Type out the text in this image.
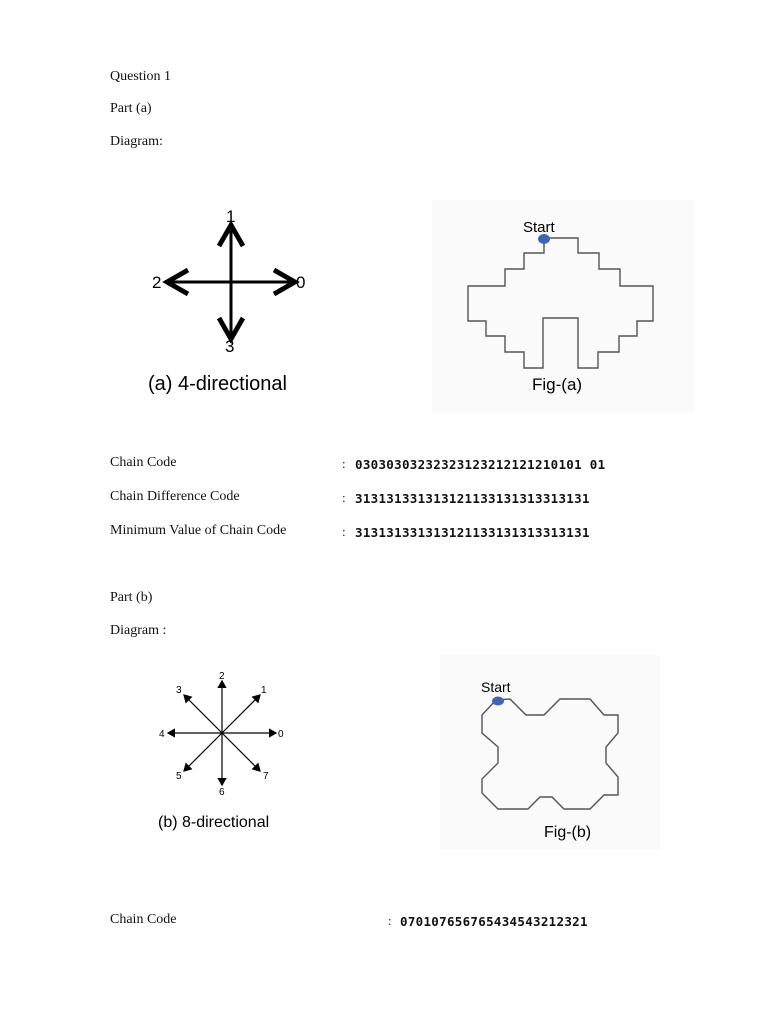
Question 1
Part (a)
Diagram:
1
3
2	0
(a) 4-directional
Start
Fig-(a)
Chain Code	: 03030303232323123212121210101 01
Chain Difference Code	: 313131331313121133131313313131
Minimum Value of Chain Code	: 313131331313121133131313313131
Part (b)
Diagram :
0
1
2
3
4
5
6
7
(b) 8-directional
Start
Fig-(b)
Chain Code	: 070107656765434543212321
